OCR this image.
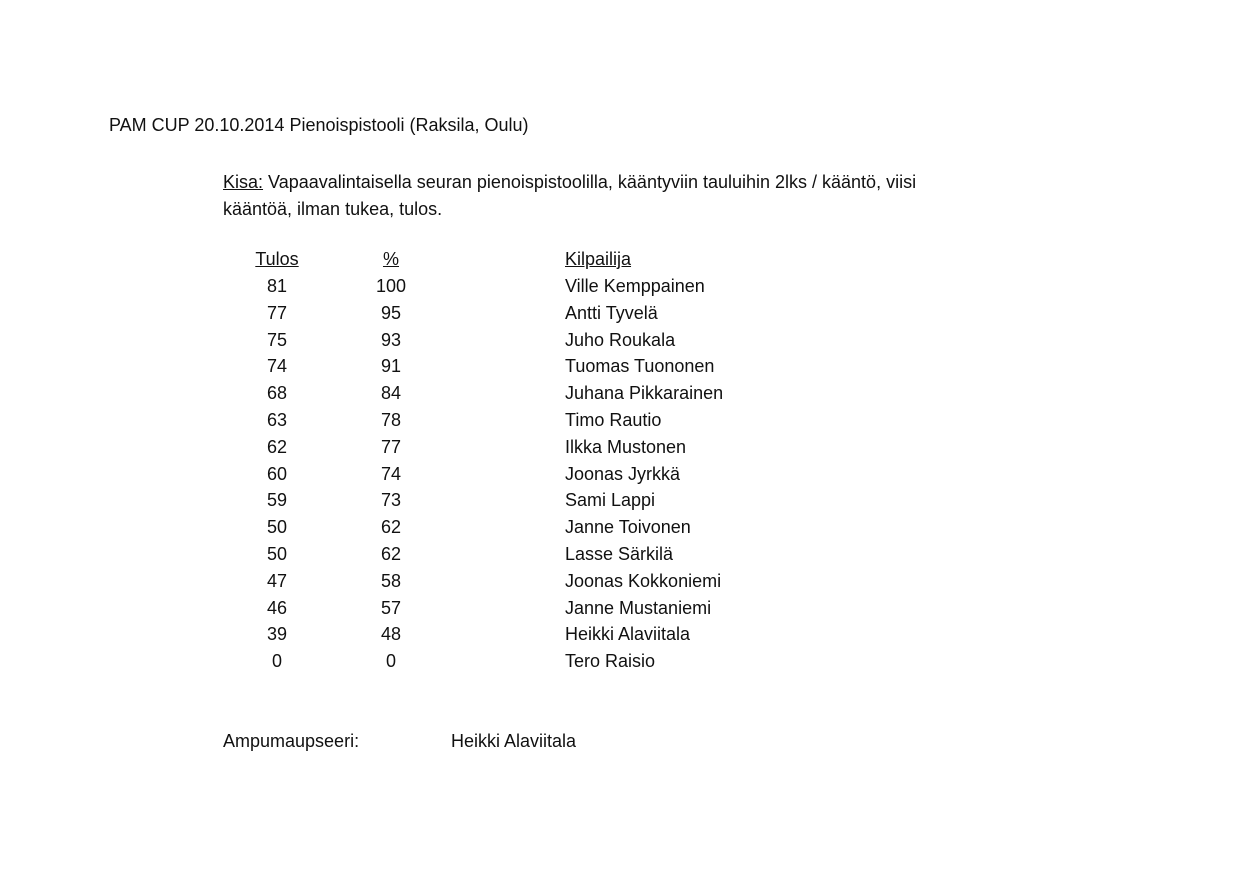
PAM CUP 20.10.2014 Pienoispistooli (Raksila, Oulu)
Kisa: Vapaavalintaisella seuran pienoispistoolilla, kääntyviin tauluihin 2lks / kääntö, viisi kääntöä, ilman tukea, tulos.
Tulos	%	Kilpailija
81	100	Ville Kemppainen
77	95	Antti Tyvelä
75	93	Juho Roukala
74	91	Tuomas Tuononen
68	84	Juhana Pikkarainen
63	78	Timo Rautio
62	77	Ilkka Mustonen
60	74	Joonas Jyrkkä
59	73	Sami Lappi
50	62	Janne Toivonen
50	62	Lasse Särkilä
47	58	Joonas Kokkoniemi
46	57	Janne Mustaniemi
39	48	Heikki Alaviitala
0	0	Tero Raisio
Ampumaupseeri:	Heikki Alaviitala
